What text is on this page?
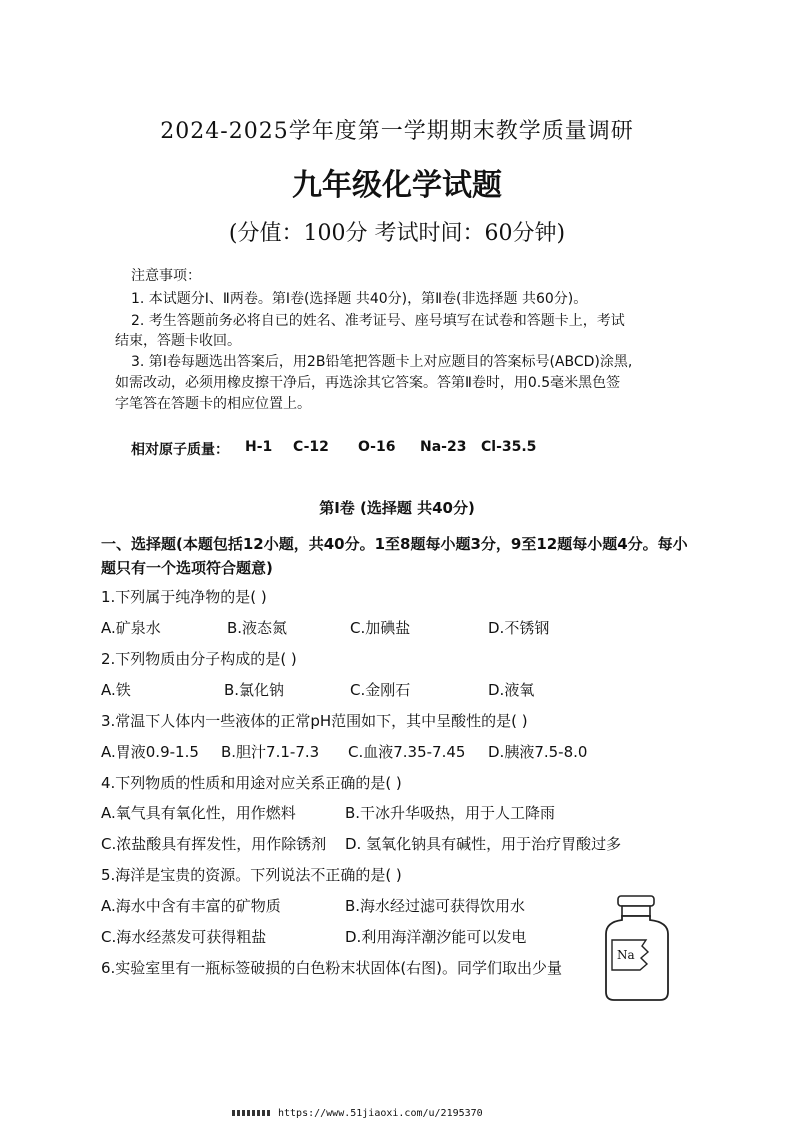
2024-2025学年度第一学期期末教学质量调研
九年级化学试题
(分值：100分 考试时间：60分钟)
注意事项：
1. 本试题分Ⅰ、Ⅱ两卷。第Ⅰ卷(选择题 共40分)，第Ⅱ卷(非选择题 共60分)。
2. 考生答题前务必将自已的姓名、准考证号、座号填写在试卷和答题卡上，考试
结束，答题卡收回。
3. 第Ⅰ卷每题选出答案后，用2B铅笔把答题卡上对应题目的答案标号(ABCD)涂黑,
如需改动，必须用橡皮擦干净后，再选涂其它答案。答第Ⅱ卷时，用0.5毫米黑色签
字笔答在答题卡的相应位置上。
相对原子质量： H-1 C-12 O-16 Na-23 Cl-35.5
第Ⅰ卷 (选择题 共40分)
一、选择题(本题包括12小题，共40分。1至8题每小题3分，9至12题每小题4分。每小
题只有一个选项符合题意)
1.下列属于纯净物的是( )
A.矿泉水	B.液态氮	C.加碘盐	D.不锈钢
2.下列物质由分子构成的是( )
A.铁	B.氯化钠	C.金刚石	D.液氧
3.常温下人体内一些液体的正常pH范围如下，其中呈酸性的是( )
A.胃液0.9-1.5 B.胆汁7.1-7.3 C.血液7.35-7.45 D.胰液7.5-8.0
4.下列物质的性质和用途对应关系正确的是( )
A.氧气具有氧化性，用作燃料	B.干冰升华吸热，用于人工降雨
C.浓盐酸具有挥发性，用作除锈剂 D. 氢氧化钠具有碱性，用于治疗胃酸过多
5.海洋是宝贵的资源。下列说法不正确的是( )
A.海水中含有丰富的矿物质	B.海水经过滤可获得饮用水
C.海水经蒸发可获得粗盐	D.利用海洋潮汐能可以发电
6.实验室里有一瓶标签破损的白色粉末状固体(右图)。同学们取出少量
Na
https://www.51jiaoxi.com/u/2195370
